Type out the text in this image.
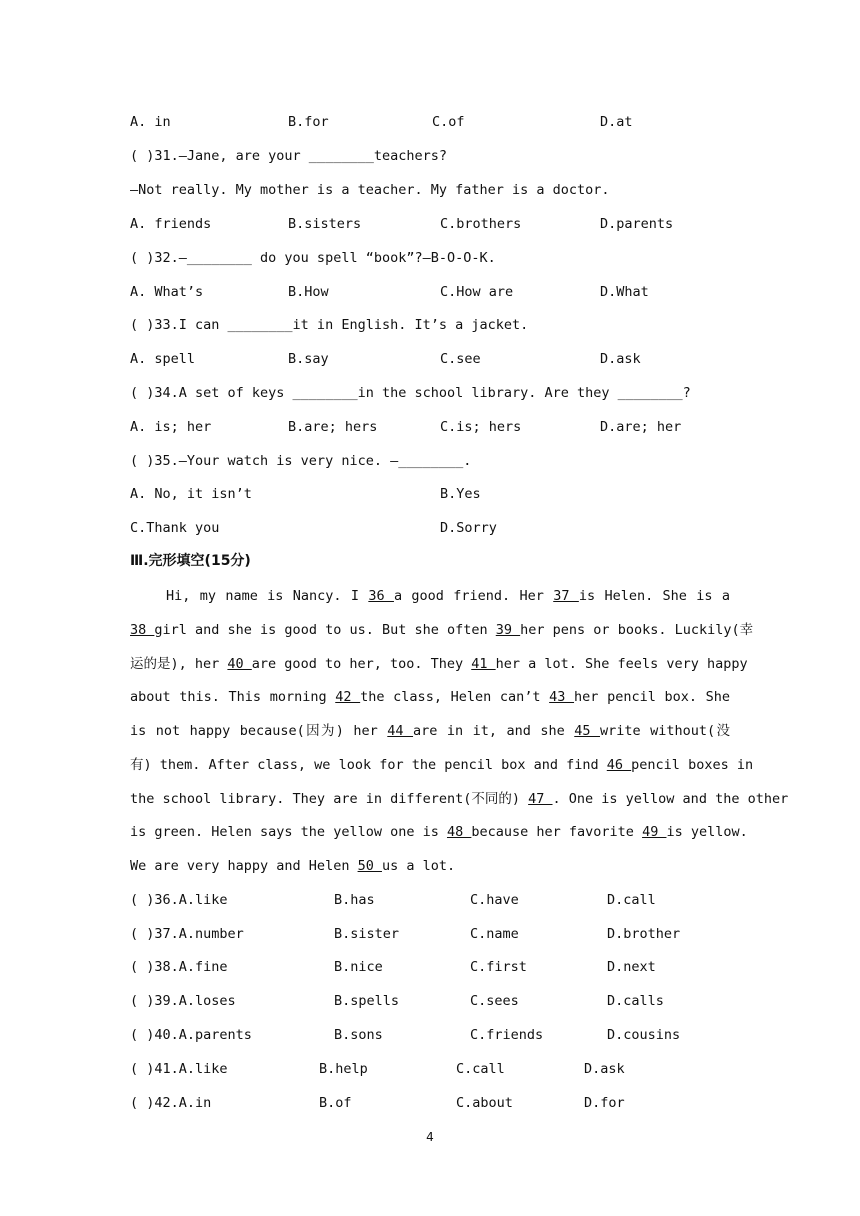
A. in	B.for	C.of	D.at
( )31.—Jane, are your ________teachers?
—Not really. My mother is a teacher. My father is a doctor.
A. friends	B.sisters	C.brothers	D.parents
( )32.—________ do you spell “book”?—B-O-O-K.
A. What’s	B.How	C.How are	D.What
( )33.I can ________it in English. It’s a jacket.
A. spell	B.say	C.see	D.ask
( )34.A set of keys ________in the school library. Are they ________?
A. is; her	B.are; hers	C.is; hers	D.are; her
( )35.—Your watch is very nice. —________.
A. No, it isn’t	B.Yes
C.Thank you	D.Sorry
Ⅲ.完形填空(15分)
Hi, my name is Nancy. I 36 a good friend. Her 37 is Helen. She is a
38 girl and she is good to us. But she often 39 her pens or books. Luckily(幸
运的是), her 40 are good to her, too. They 41 her a lot. She feels very happy
about this. This morning 42 the class, Helen can’t 43 her pencil box. She
is not happy because(因为) her 44 are in it, and she 45 write without(没
有) them. After class, we look for the pencil box and find 46 pencil boxes in
the school library. They are in different(不同的) 47 . One is yellow and the other
is green. Helen says the yellow one is 48 because her favorite 49 is yellow.
We are very happy and Helen 50 us a lot.
( )36.A.like	B.has	C.have	D.call
( )37.A.number	B.sister	C.name	D.brother
( )38.A.fine	B.nice	C.first	D.next
( )39.A.loses	B.spells	C.sees	D.calls
( )40.A.parents	B.sons	C.friends	D.cousins
( )41.A.like	B.help	C.call	D.ask
( )42.A.in	B.of	C.about	D.for
4
